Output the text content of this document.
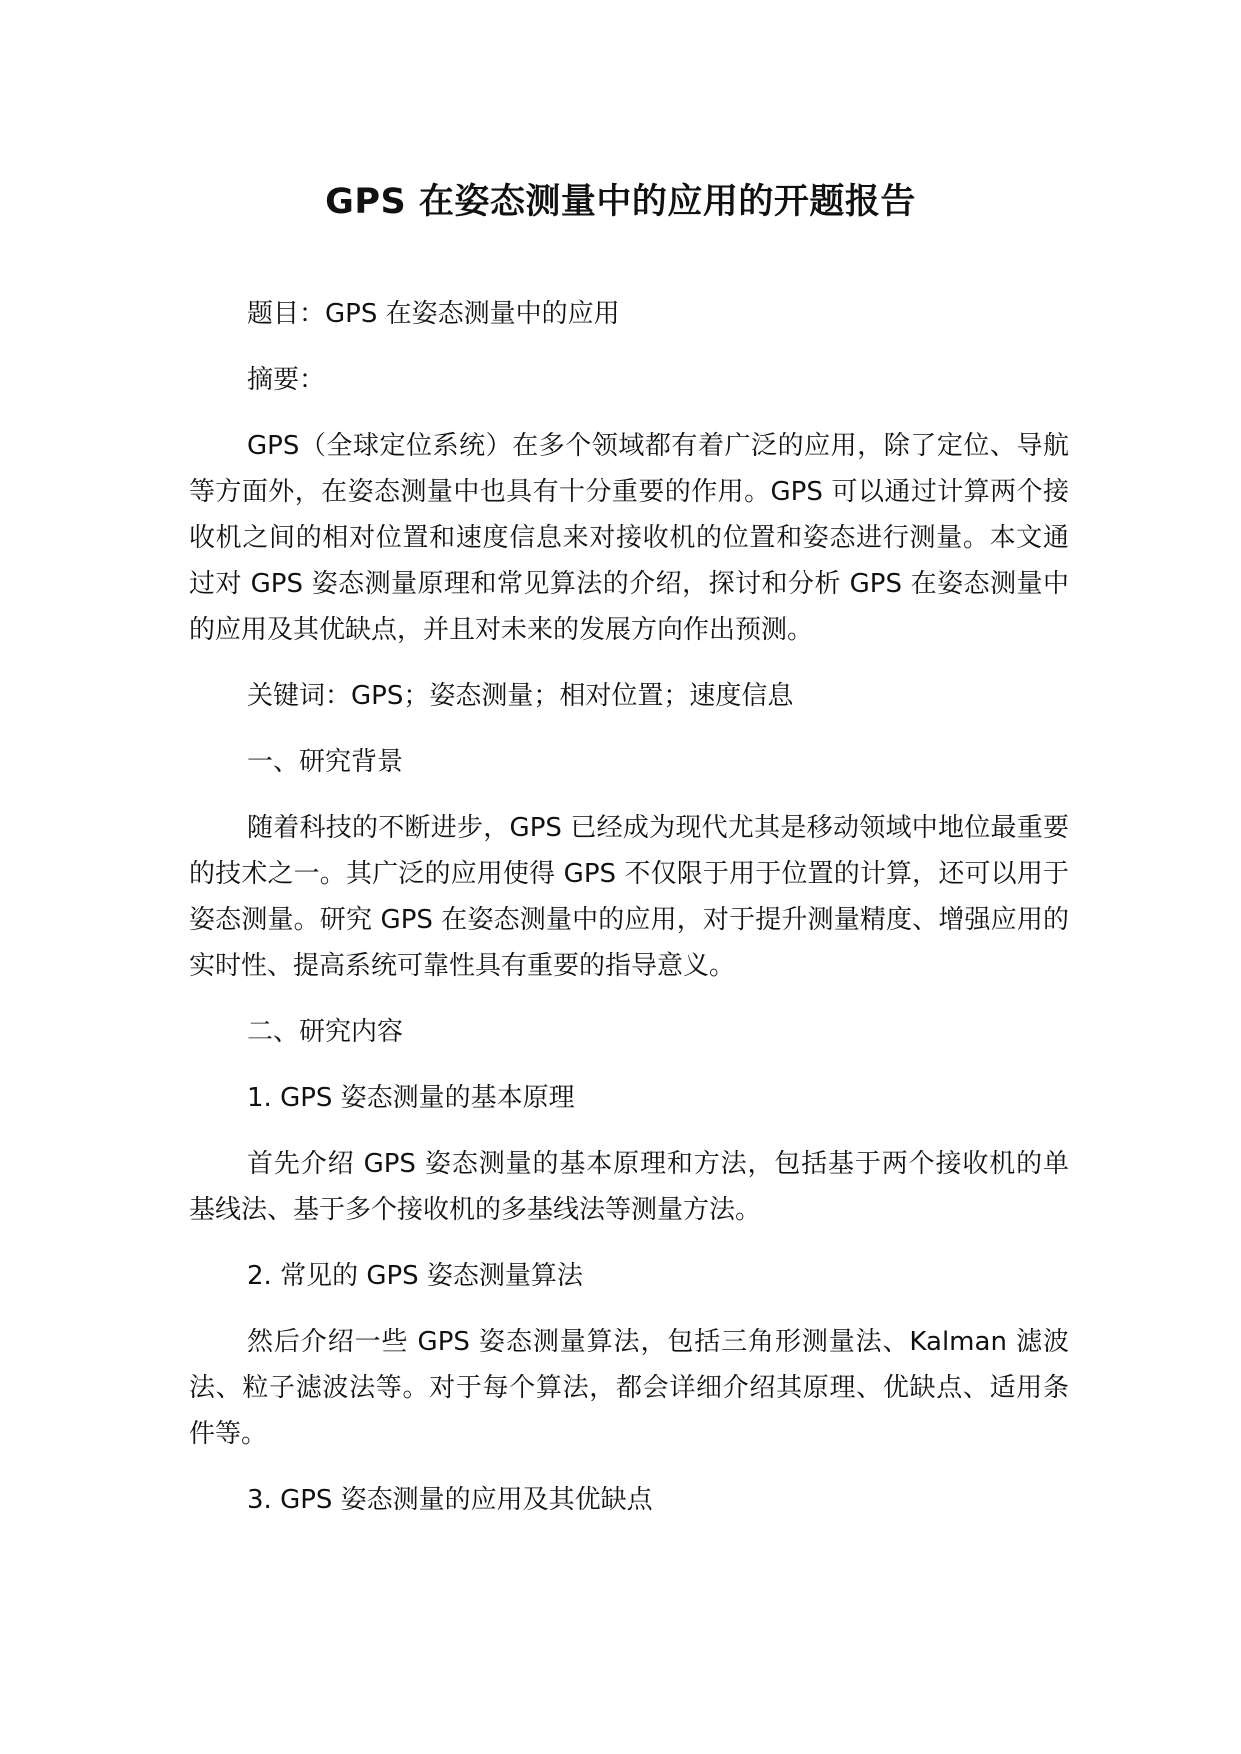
GPS 在姿态测量中的应用的开题报告

题目：GPS 在姿态测量中的应用

摘要：

GPS（全球定位系统）在多个领域都有着广泛的应用，除了定位、导航等方面外，在姿态测量中也具有十分重要的作用。GPS 可以通过计算两个接收机之间的相对位置和速度信息来对接收机的位置和姿态进行测量。本文通过对 GPS 姿态测量原理和常见算法的介绍，探讨和分析 GPS 在姿态测量中的应用及其优缺点，并且对未来的发展方向作出预测。

关键词：GPS；姿态测量；相对位置；速度信息

一、研究背景

随着科技的不断进步，GPS 已经成为现代尤其是移动领域中地位最重要的技术之一。其广泛的应用使得 GPS 不仅限于用于位置的计算，还可以用于姿态测量。研究 GPS 在姿态测量中的应用，对于提升测量精度、增强应用的实时性、提高系统可靠性具有重要的指导意义。

二、研究内容

1. GPS 姿态测量的基本原理

首先介绍 GPS 姿态测量的基本原理和方法，包括基于两个接收机的单基线法、基于多个接收机的多基线法等测量方法。

2. 常见的 GPS 姿态测量算法

然后介绍一些 GPS 姿态测量算法，包括三角形测量法、Kalman 滤波法、粒子滤波法等。对于每个算法，都会详细介绍其原理、优缺点、适用条件等。

3. GPS 姿态测量的应用及其优缺点
